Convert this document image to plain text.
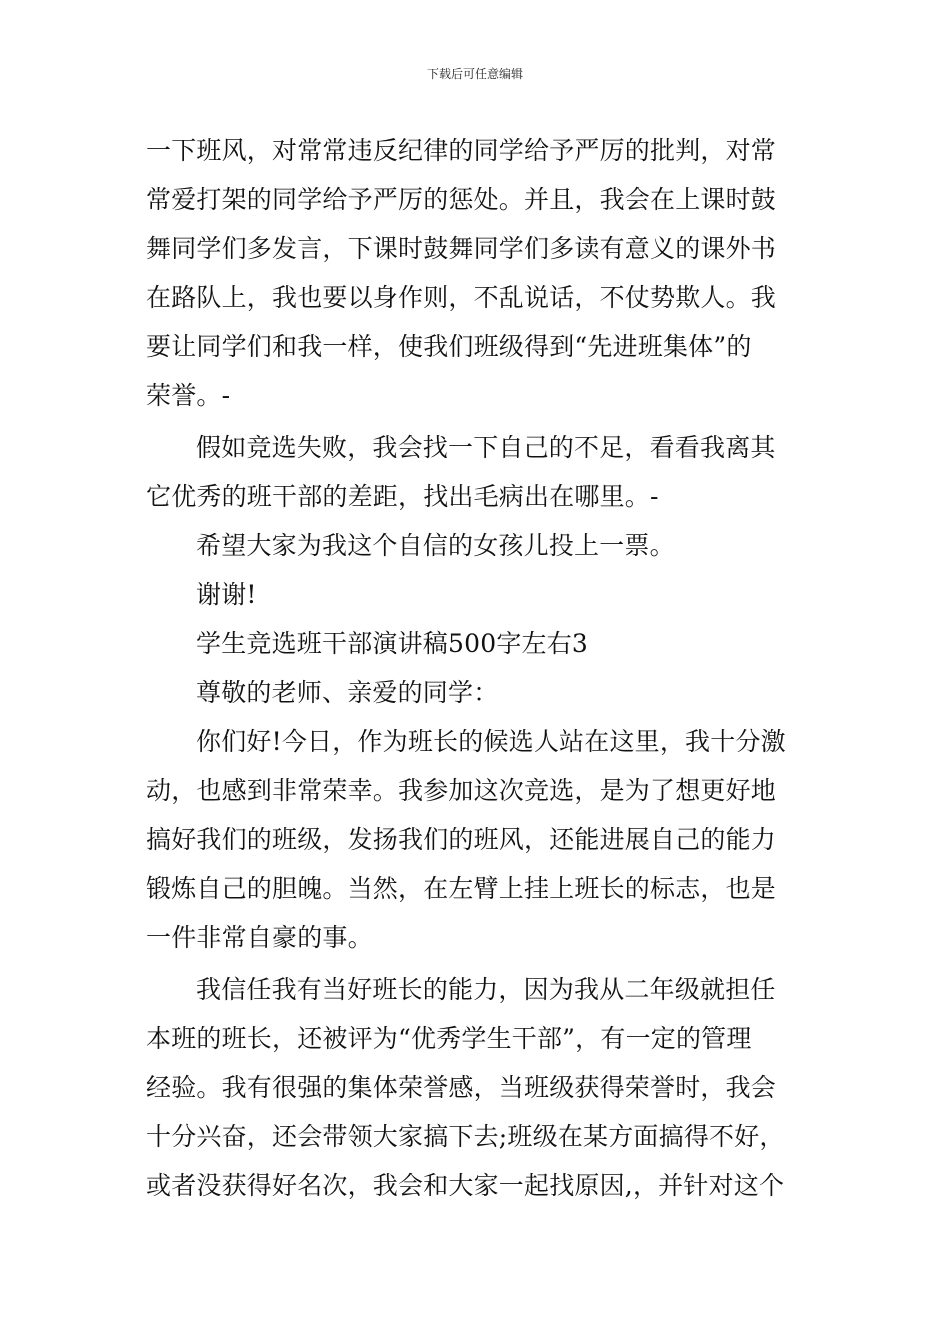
下载后可任意编辑
一下班风，对常常违反纪律的同学给予严厉的批判，对常
常爱打架的同学给予严厉的惩处。并且，我会在上课时鼓
舞同学们多发言，下课时鼓舞同学们多读有意义的课外书
在路队上，我也要以身作则，不乱说话，不仗势欺人。我
要让同学们和我一样，使我们班级得到“先进班集体”的
荣誉。-
假如竞选失败，我会找一下自己的不足，看看我离其
它优秀的班干部的差距，找出毛病出在哪里。-
希望大家为我这个自信的女孩儿投上一票。
谢谢!
学生竞选班干部演讲稿500字左右3
尊敬的老师、亲爱的同学：
你们好!今日，作为班长的候选人站在这里，我十分激
动，也感到非常荣幸。我参加这次竞选，是为了想更好地
搞好我们的班级，发扬我们的班风，还能进展自己的能力
锻炼自己的胆魄。当然，在左臂上挂上班长的标志，也是
一件非常自豪的事。
我信任我有当好班长的能力，因为我从二年级就担任
本班的班长，还被评为“优秀学生干部”，有一定的管理
经验。我有很强的集体荣誉感，当班级获得荣誉时，我会
十分兴奋，还会带领大家搞下去;班级在某方面搞得不好，
或者没获得好名次，我会和大家一起找原因,，并针对这个
